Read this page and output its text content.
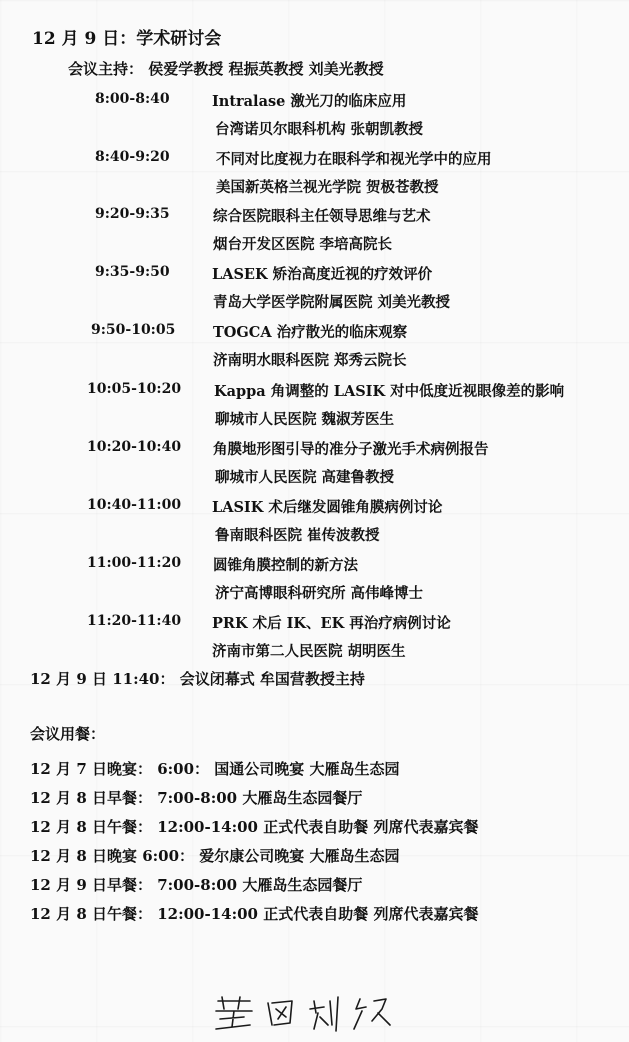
12 月 9 日：学术研讨会
会议主持： 侯爱学教授 程振英教授 刘美光教授
8:00-8:40	Intralase 激光刀的临床应用
台湾诺贝尔眼科机构 张朝凯教授
8:40-9:20	不同对比度视力在眼科学和视光学中的应用
美国新英格兰视光学院 贺极苍教授
9:20-9:35	综合医院眼科主任领导思维与艺术
烟台开发区医院 李培高院长
9:35-9:50	LASEK 矫治高度近视的疗效评价
青岛大学医学院附属医院 刘美光教授
9:50-10:05	TOGCA 治疗散光的临床观察
济南明水眼科医院 郑秀云院长
10:05-10:20 Kappa 角调整的 LASIK 对中低度近视眼像差的影响
聊城市人民医院 魏淑芳医生
10:20-10:40 角膜地形图引导的准分子激光手术病例报告
聊城市人民医院 高建鲁教授
10:40-11:00 LASIK 术后继发圆锥角膜病例讨论
鲁南眼科医院 崔传波教授
11:00-11:20 圆锥角膜控制的新方法
济宁高博眼科研究所 高伟峰博士
11:20-11:40 PRK 术后 IK、EK 再治疗病例讨论
济南市第二人民医院 胡明医生
12 月 9 日 11:40： 会议闭幕式 牟国营教授主持
会议用餐：
12 月 7 日晚宴： 6:00： 国通公司晚宴 大雁岛生态园
12 月 8 日早餐： 7:00-8:00 大雁岛生态园餐厅
12 月 8 日午餐： 12:00-14:00 正式代表自助餐 列席代表嘉宾餐
12 月 8 日晚宴 6:00： 爱尔康公司晚宴 大雁岛生态园
12 月 9 日早餐： 7:00-8:00 大雁岛生态园餐厅
12 月 8 日午餐： 12:00-14:00 正式代表自助餐 列席代表嘉宾餐
